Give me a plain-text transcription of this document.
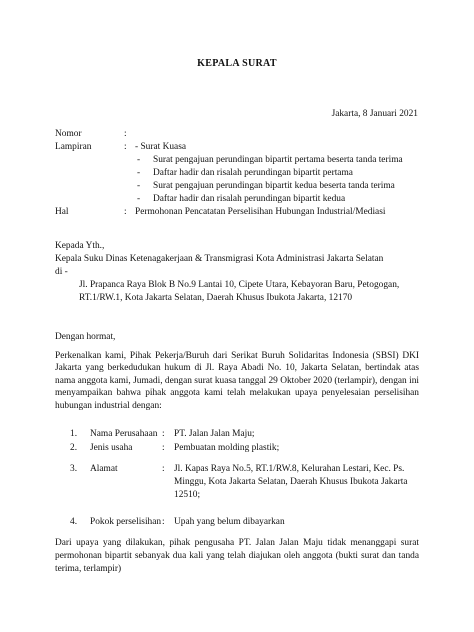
KEPALA SURAT
Jakarta, 8 Januari 2021
Nomor	:
Lampiran	: - Surat Kuasa
- Surat pengajuan perundingan bipartit pertama beserta tanda terima
- Daftar hadir dan risalah perundingan bipartit pertama
- Surat pengajuan perundingan bipartit kedua beserta tanda terima
- Daftar hadir dan risalah perundingan bipartit kedua
Hal	: Permohonan Pencatatan Perselisihan Hubungan Industrial/Mediasi
Kepada Yth.,
Kepala Suku Dinas Ketenagakerjaan & Transmigrasi Kota Administrasi Jakarta Selatan
di -
Jl. Prapanca Raya Blok B No.9 Lantai 10, Cipete Utara, Kebayoran Baru, Petogogan,
RT.1/RW.1, Kota Jakarta Selatan, Daerah Khusus Ibukota Jakarta, 12170
Dengan hormat,
Perkenalkan kami, Pihak Pekerja/Buruh dari Serikat Buruh Solidaritas Indonesia (SBSI) DKI Jakarta yang berkedudukan hukum di Jl. Raya Abadi No. 10, Jakarta Selatan, bertindak atas nama anggota kami, Jumadi, dengan surat kuasa tanggal 29 Oktober 2020 (terlampir), dengan ini menyampaikan bahwa pihak anggota kami telah melakukan upaya penyelesaian perselisihan hubungan industrial dengan:
1. Nama Perusahaan : PT. Jalan Jalan Maju;
2. Jenis usaha	: Pembuatan molding plastik;
3. Alamat	: Jl. Kapas Raya No.5, RT.1/RW.8, Kelurahan Lestari, Kec. Ps. Minggu, Kota Jakarta Selatan, Daerah Khusus Ibukota Jakarta 12510;
4. Pokok perselisihan : Upah yang belum dibayarkan
Dari upaya yang dilakukan, pihak pengusaha PT. Jalan Jalan Maju tidak menanggapi surat permohonan bipartit sebanyak dua kali yang telah diajukan oleh anggota (bukti surat dan tanda terima, terlampir)
